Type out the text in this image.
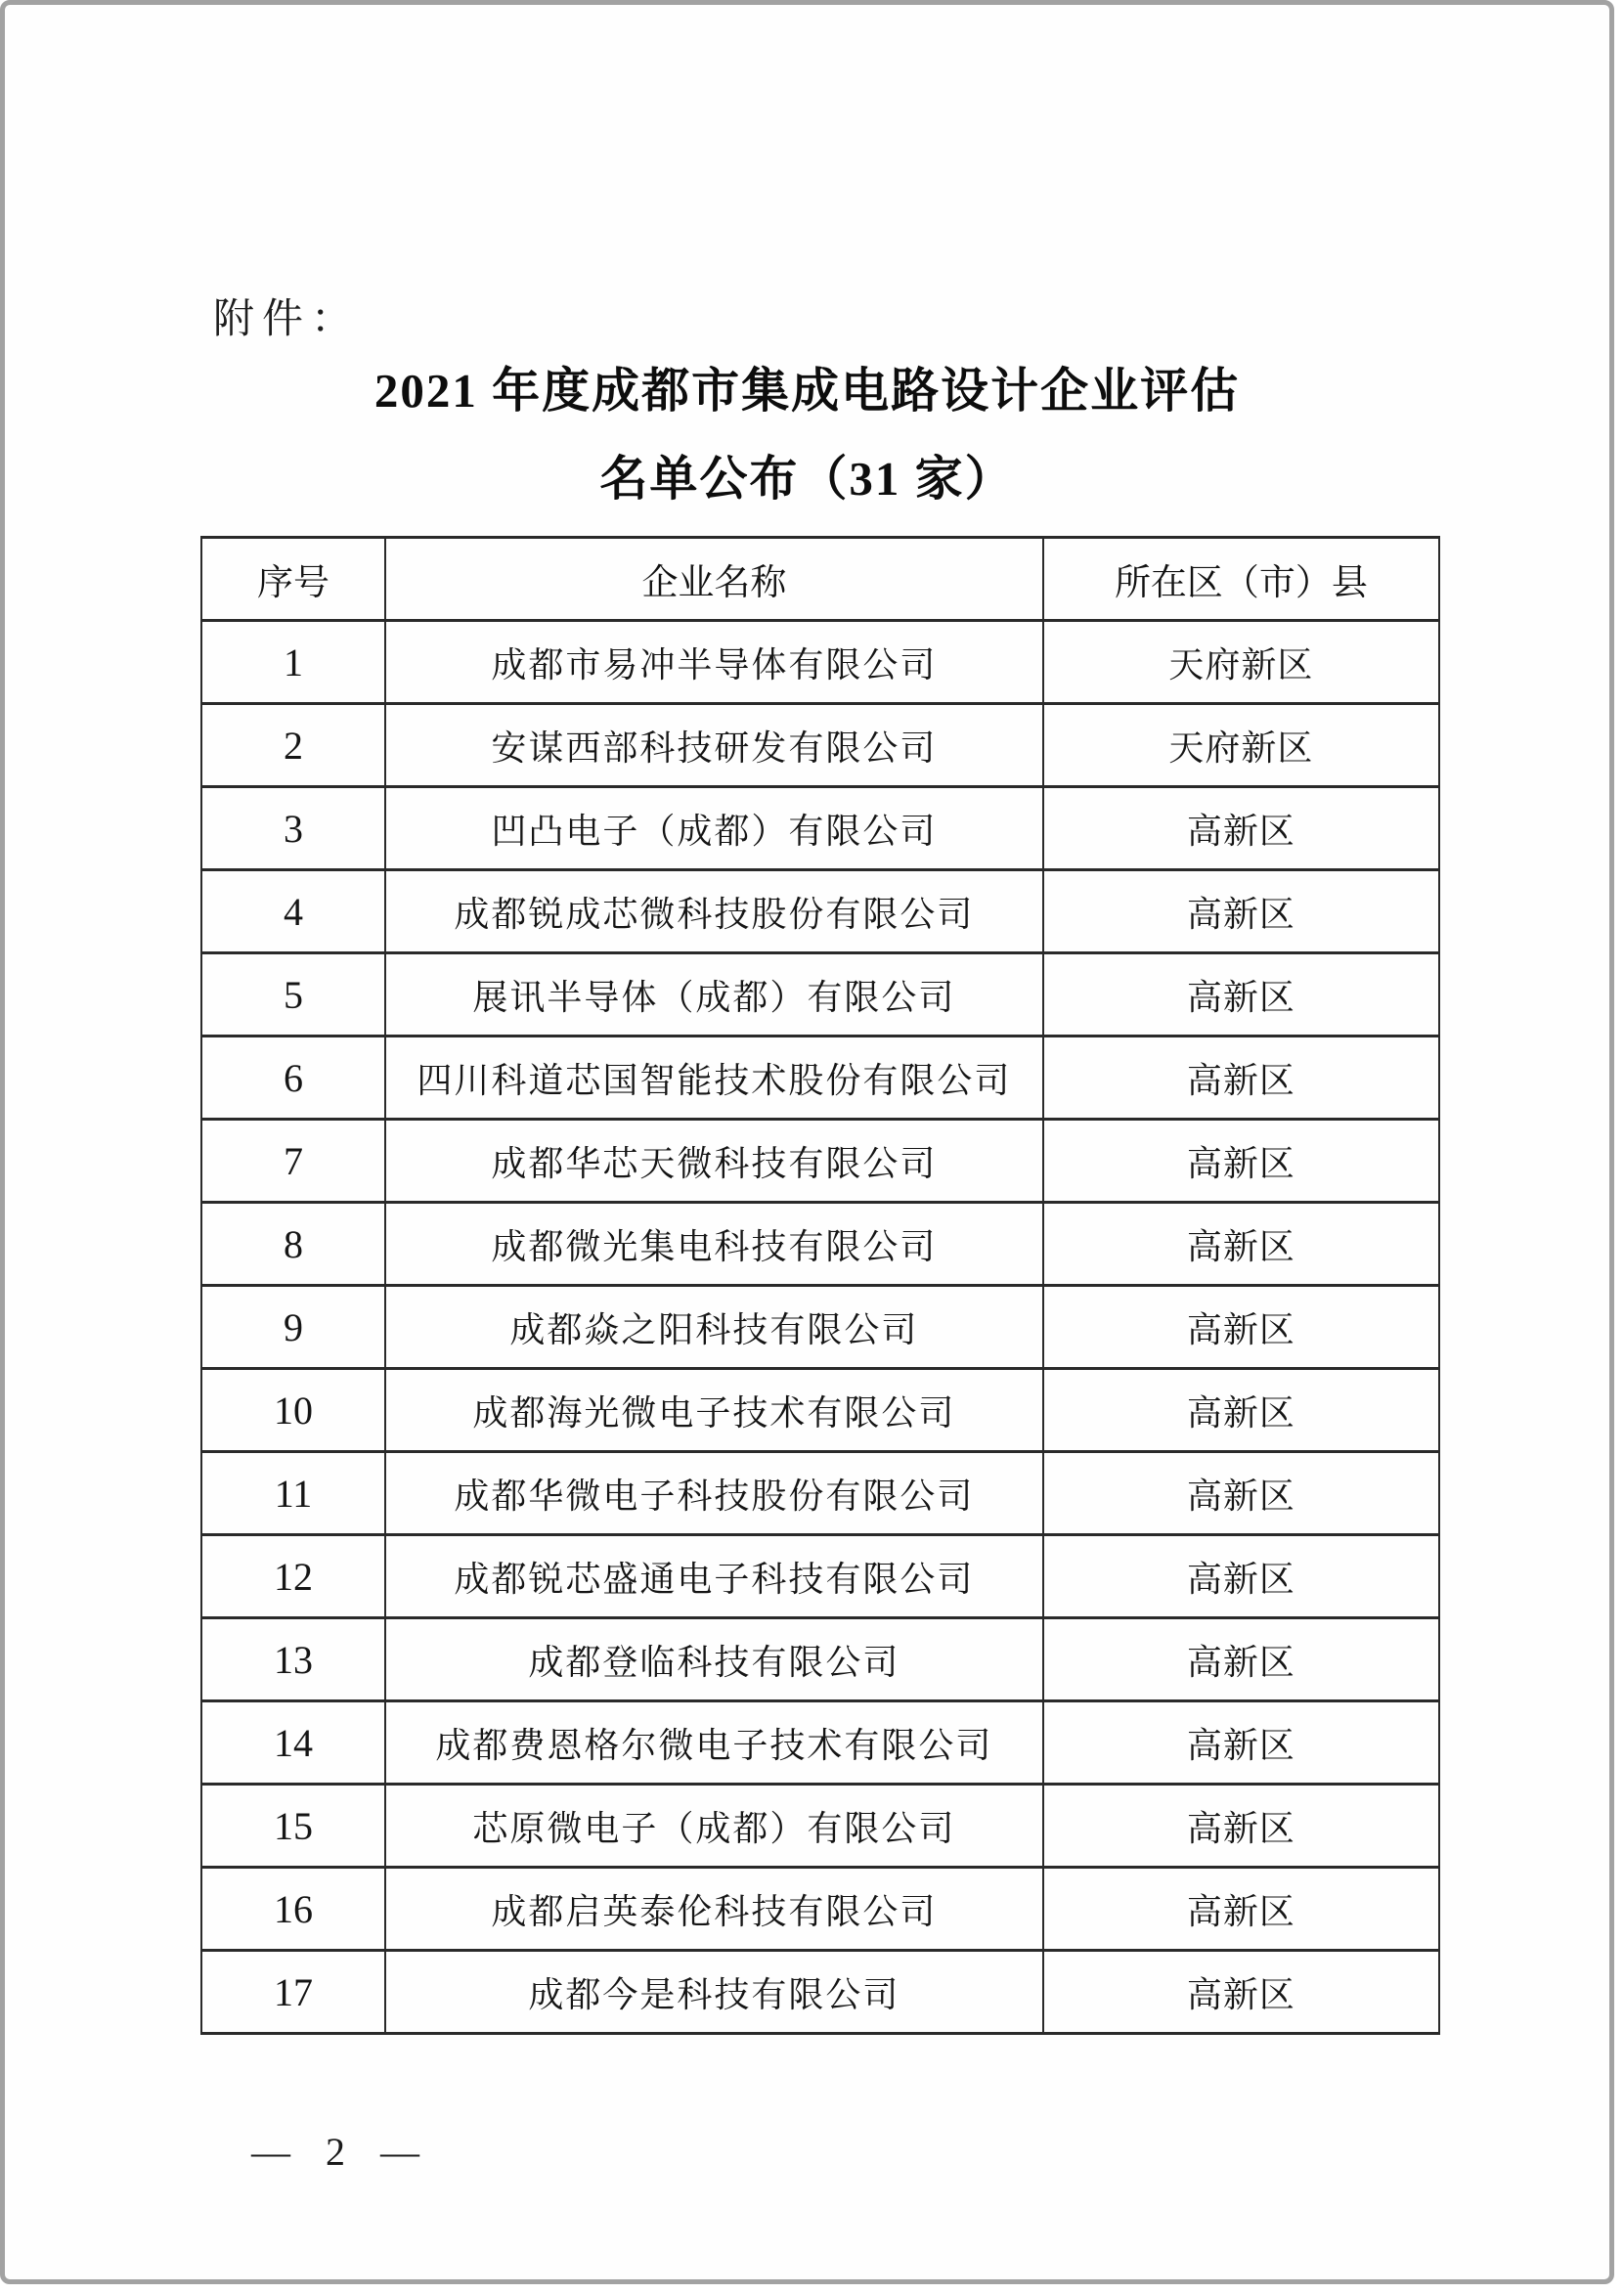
附件：
2021 年度成都市集成电路设计企业评估
名单公布（31 家）
序号	企业名称	所在区（市）县
1	成都市易冲半导体有限公司	天府新区
2	安谋西部科技研发有限公司	天府新区
3	凹凸电子（成都）有限公司	高新区
4	成都锐成芯微科技股份有限公司	高新区
5	展讯半导体（成都）有限公司	高新区
6	四川科道芯国智能技术股份有限公司	高新区
7	成都华芯天微科技有限公司	高新区
8	成都微光集电科技有限公司	高新区
9	成都焱之阳科技有限公司	高新区
10	成都海光微电子技术有限公司	高新区
11	成都华微电子科技股份有限公司	高新区
12	成都锐芯盛通电子科技有限公司	高新区
13	成都登临科技有限公司	高新区
14	成都费恩格尔微电子技术有限公司	高新区
15	芯原微电子（成都）有限公司	高新区
16	成都启英泰伦科技有限公司	高新区
17	成都今是科技有限公司	高新区
— 2 —
